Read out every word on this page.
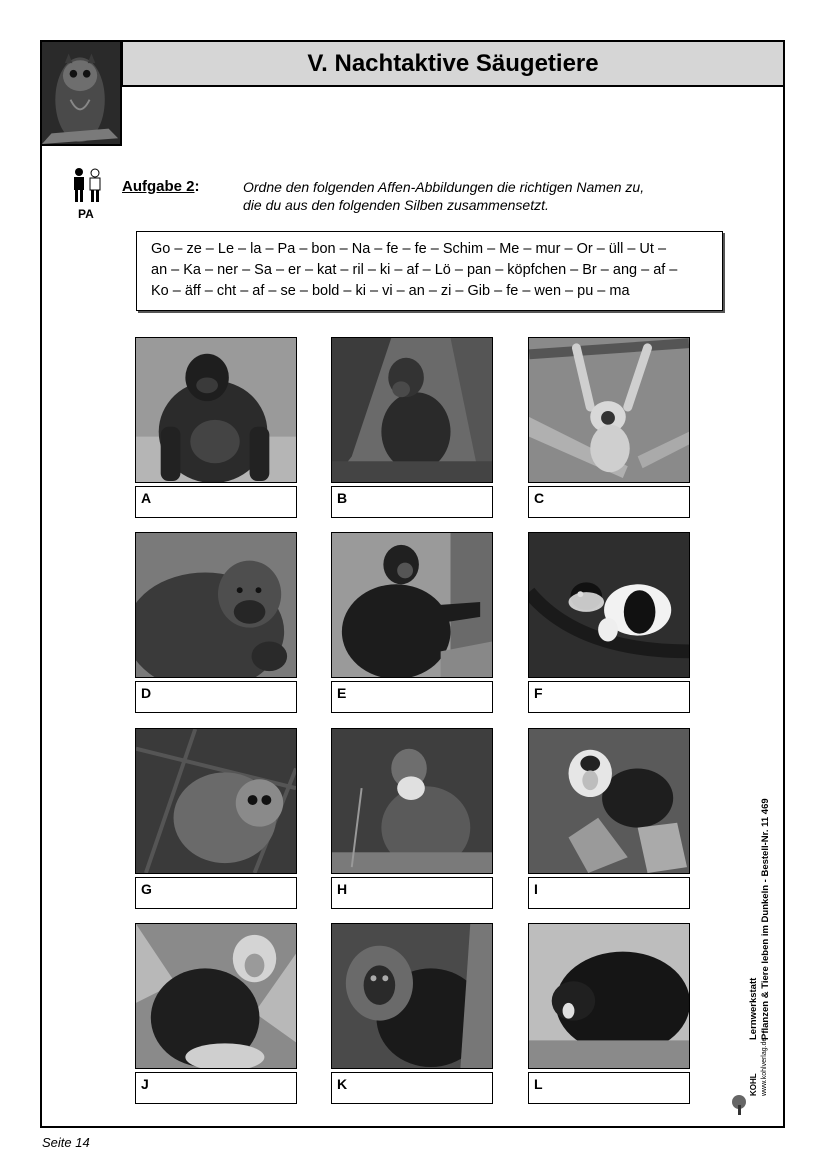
V. Nachtaktive Säugetiere
PA
Aufgabe 2:	Ordne den folgenden Affen-Abbildungen die richtigen Namen zu,
die du aus den folgenden Silben zusammensetzt.
Go – ze – Le – la – Pa – bon – Na – fe – fe – Schim – Me – mur – Or – üll – Ut –
an – Ka – ner – Sa – er – kat – ril – ki – af – Lö – pan – köpfchen – Br – ang – af –
Ko – äff – cht – af – se – bold – ki – vi – an – zi – Gib – fe – wen – pu – ma
A	B	C
D	E	F
G	H	I
J	K	L
Lernwerkstatt Pflanzen & Tiere leben im Dunkeln - Bestell-Nr. 11 469
KOHL www.kohlverlag.de
Seite 14
